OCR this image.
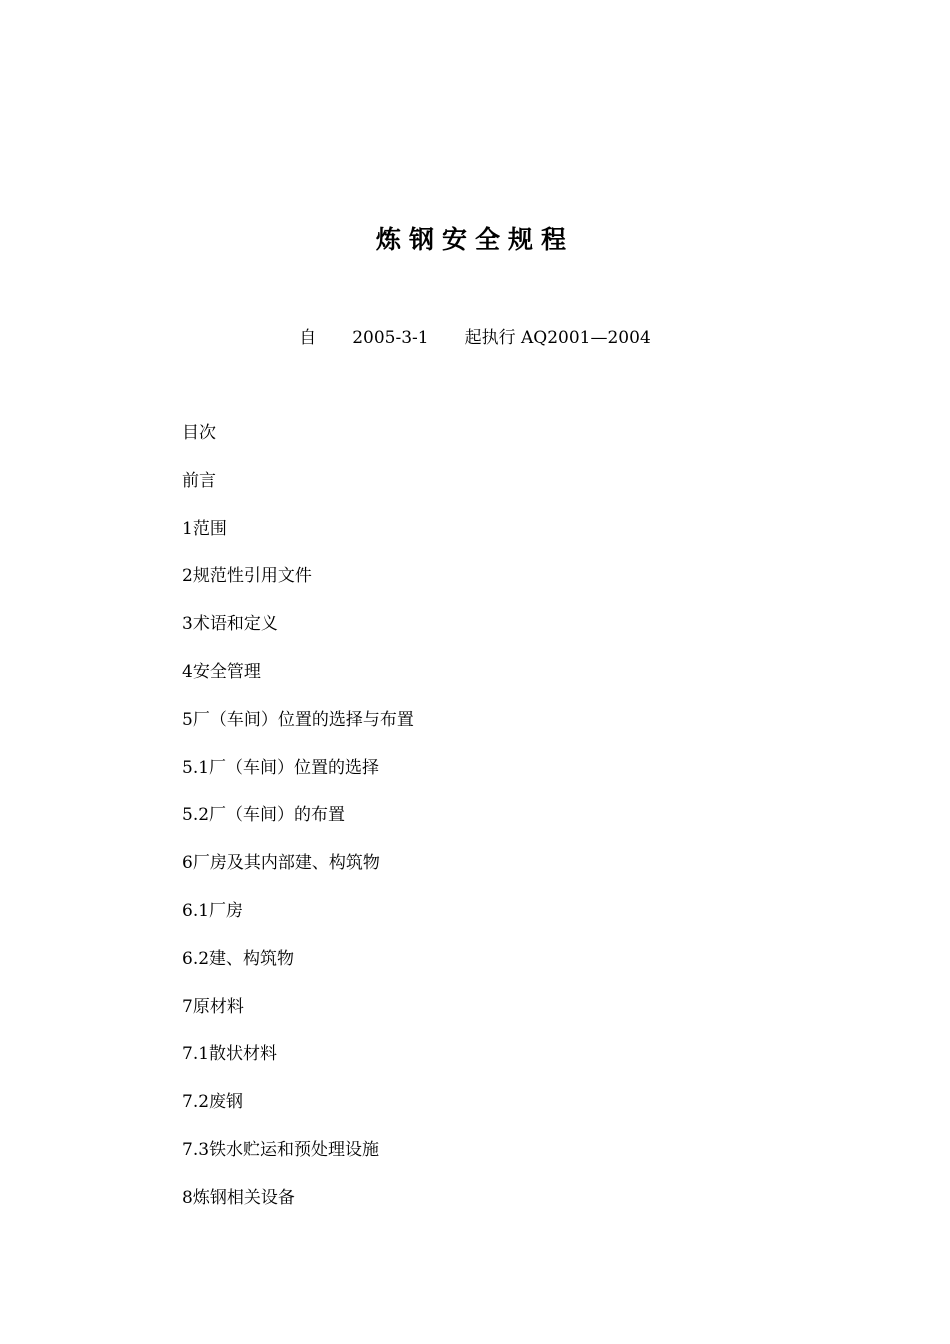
炼钢安全规程
自 2005-3-1 起执行 AQ2001—2004
目次
前言
1范围
2规范性引用文件
3术语和定义
4安全管理
5厂（车间）位置的选择与布置
5.1厂（车间）位置的选择
5.2厂（车间）的布置
6厂房及其内部建、构筑物
6.1厂房
6.2建、构筑物
7原材料
7.1散状材料
7.2废钢
7.3铁水贮运和预处理设施
8炼钢相关设备
